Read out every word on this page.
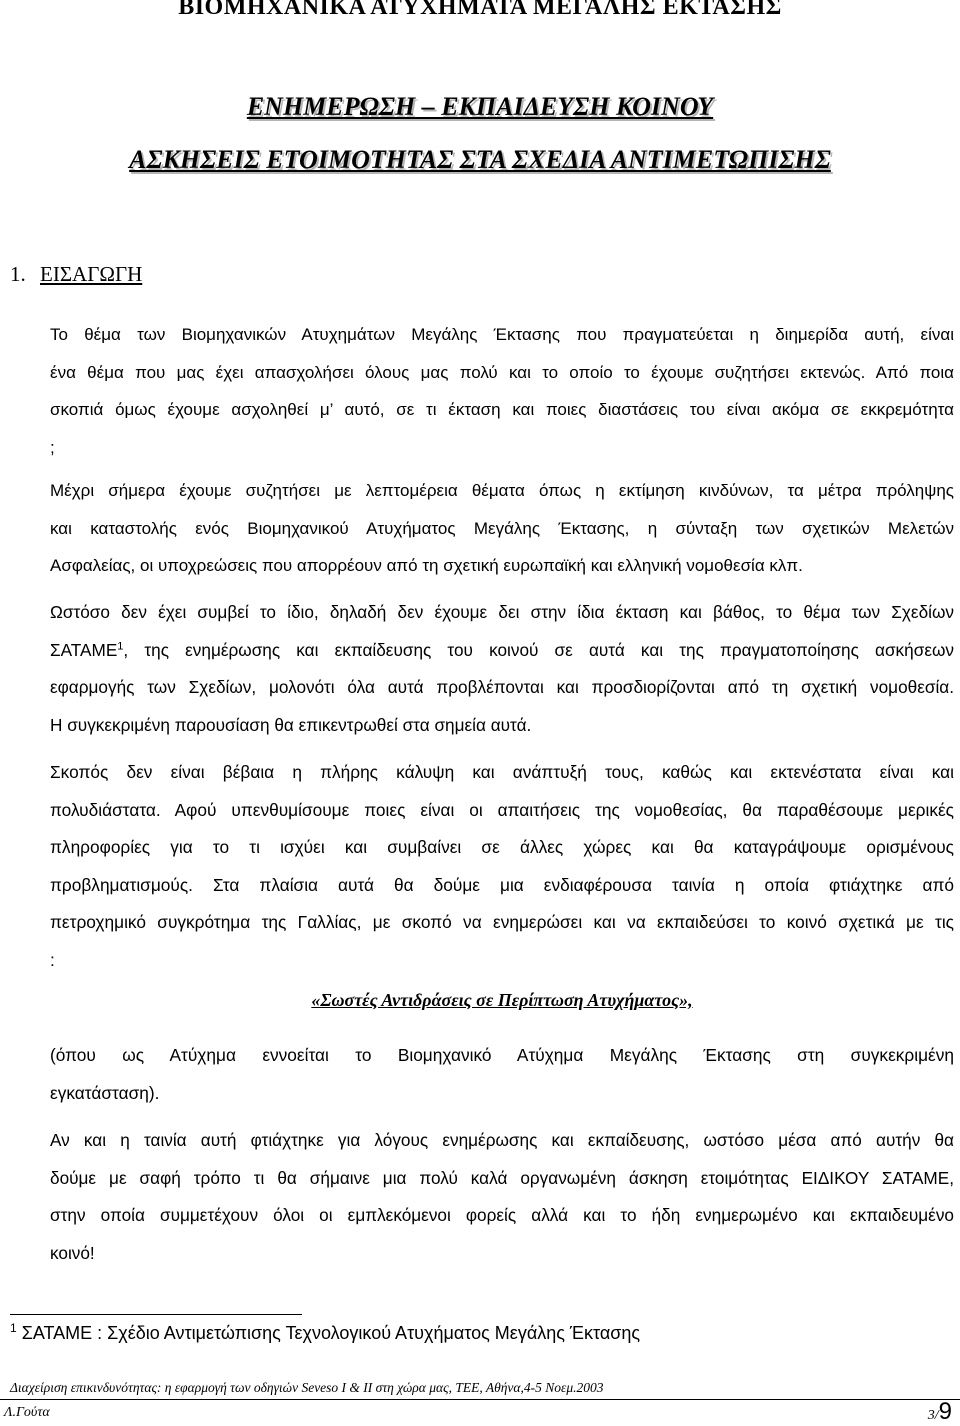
ΒΙΟΜΗΧΑΝΙΚΑ ΑΤΥΧΗΜΑΤΑ ΜΕΓΑΛΗΣ ΕΚΤΑΣΗΣ
ΕΝΗΜΕΡΩΣΗ – ΕΚΠΑΙΔΕΥΣΗ ΚΟΙΝΟΥ
ΑΣΚΗΣΕΙΣ ΕΤΟΙΜΟΤΗΤΑΣ ΣΤΑ ΣΧΕΔΙΑ ΑΝΤΙΜΕΤΩΠΙΣΗΣ
1. ΕΙΣΑΓΩΓΗ
Το θέμα των Βιομηχανικών Ατυχημάτων Μεγάλης Έκτασης που πραγματεύεται η διημερίδα αυτή, είναι
ένα θέμα που μας έχει απασχολήσει όλους μας πολύ και το οποίο το έχουμε συζητήσει εκτενώς. Από ποια
σκοπιά όμως έχουμε ασχοληθεί μ’ αυτό, σε τι έκταση και ποιες διαστάσεις του είναι ακόμα σε εκκρεμότητα
;
Μέχρι σήμερα έχουμε συζητήσει με λεπτομέρεια θέματα όπως η εκτίμηση κινδύνων, τα μέτρα πρόληψης
και καταστολής ενός Βιομηχανικού Ατυχήματος Μεγάλης Έκτασης, η σύνταξη των σχετικών Μελετών
Ασφαλείας, οι υποχρεώσεις που απορρέουν από τη σχετική ευρωπαϊκή και ελληνική νομοθεσία κλπ.
Ωστόσο δεν έχει συμβεί το ίδιο, δηλαδή δεν έχουμε δει στην ίδια έκταση και βάθος, το θέμα των Σχεδίων
ΣΑΤΑΜΕ$^1$, της ενημέρωσης και εκπαίδευσης του κοινού σε αυτά και της πραγματοποίησης ασκήσεων
εφαρμογής των Σχεδίων, μολονότι όλα αυτά προβλέπονται και προσδιορίζονται από τη σχετική νομοθεσία.
Η συγκεκριμένη παρουσίαση θα επικεντρωθεί στα σημεία αυτά.
Σκοπός δεν είναι βέβαια η πλήρης κάλυψη και ανάπτυξή τους, καθώς και εκτενέστατα είναι και
πολυδιάστατα. Αφού υπενθυμίσουμε ποιες είναι οι απαιτήσεις της νομοθεσίας, θα παραθέσουμε μερικές
πληροφορίες για το τι ισχύει και συμβαίνει σε άλλες χώρες και θα καταγράψουμε ορισμένους
προβληματισμούς. Στα πλαίσια αυτά θα δούμε μια ενδιαφέρουσα ταινία η οποία φτιάχτηκε από
πετροχημικό συγκρότημα της Γαλλίας, με σκοπό να ενημερώσει και να εκπαιδεύσει το κοινό σχετικά με τις
:
«Σωστές Αντιδράσεις σε Περίπτωση Ατυχήματος»,
(όπου ως Ατύχημα εννοείται το Βιομηχανικό Ατύχημα Μεγάλης Έκτασης στη συγκεκριμένη
εγκατάσταση).
Αν και η ταινία αυτή φτιάχτηκε για λόγους ενημέρωσης και εκπαίδευσης, ωστόσο μέσα από αυτήν θα
δούμε με σαφή τρόπο τι θα σήμαινε μια πολύ καλά οργανωμένη άσκηση ετοιμότητας ΕΙΔΙΚΟΥ ΣΑΤΑΜΕ,
στην οποία συμμετέχουν όλοι οι εμπλεκόμενοι φορείς αλλά και το ήδη ενημερωμένο και εκπαιδευμένο
κοινό!
$^1$ ΣΑΤΑΜΕ : Σχέδιο Αντιμετώπισης Τεχνολογικού Ατυχήματος Μεγάλης Έκτασης
Διαχείριση επικινδυνότητας: η εφαρμογή των οδηγιών Seveso I & II στη χώρα μας, ΤΕΕ, Αθήνα,4-5 Νοεμ.2003
Λ.Γούτα	3/9
